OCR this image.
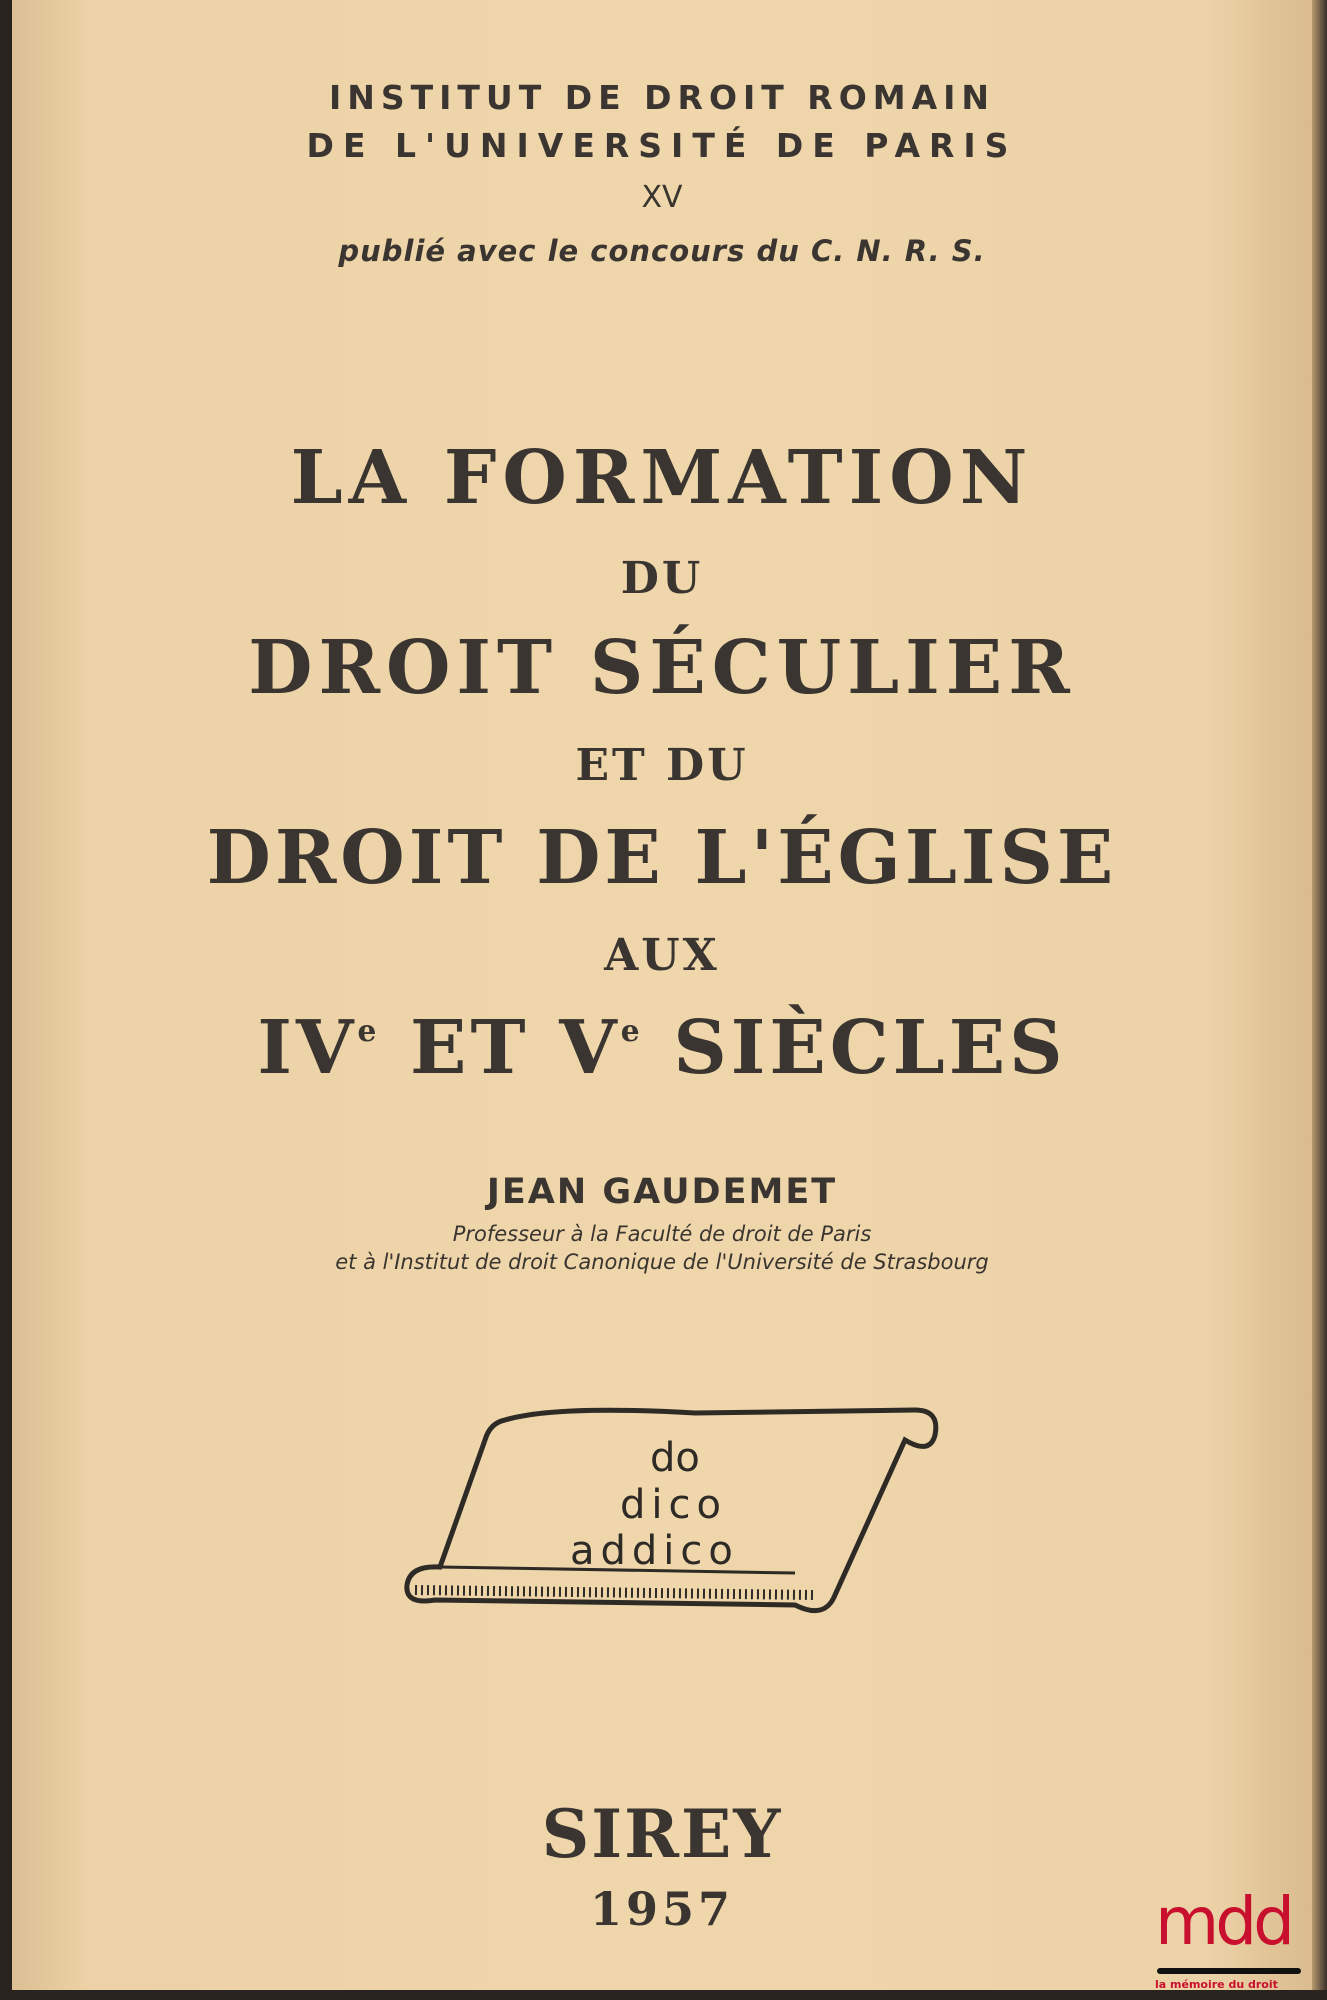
INSTITUT DE DROIT ROMAIN
DE L'UNIVERSITÉ DE PARIS
XV
publié avec le concours du C. N. R. S.
LA FORMATION
DU
DROIT SÉCULIER
ET DU
DROIT DE L'ÉGLISE
AUX
IVe ET Ve SIÈCLES
JEAN GAUDEMET
Professeur à la Faculté de droit de Paris
et à l'Institut de droit Canonique de l'Université de Strasbourg
do
dico
addico
SIREY
1957	mdd
la mémoire du droit
